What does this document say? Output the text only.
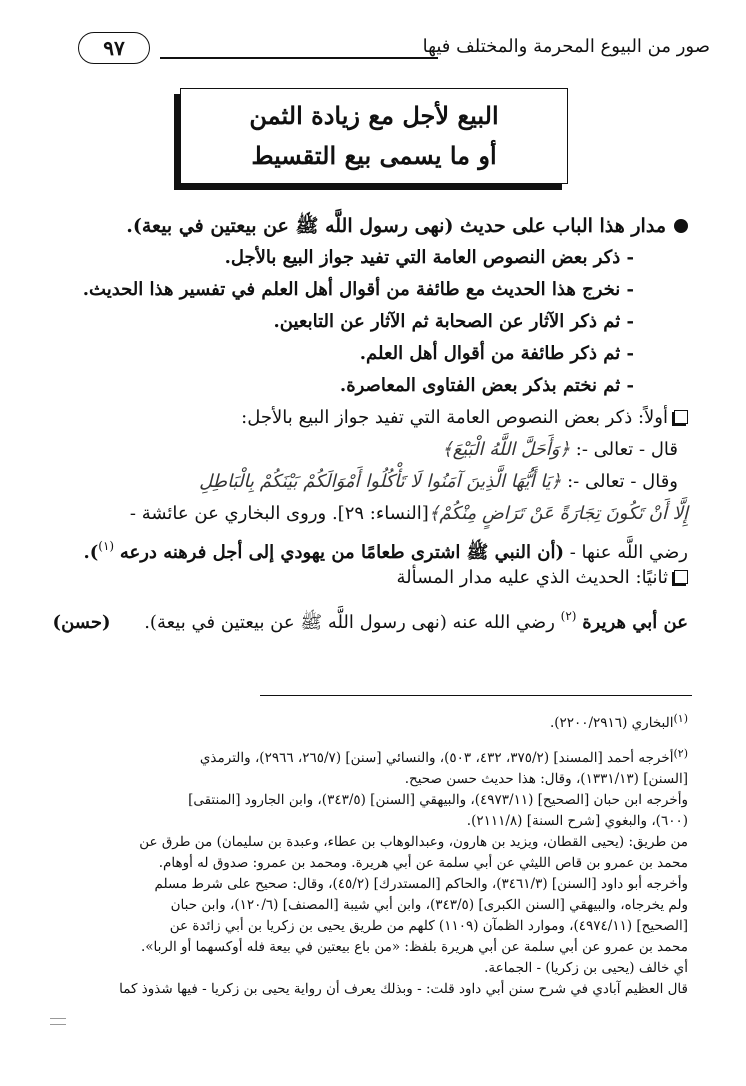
صور من البيوع المحرمة والمختلف فيها
٩٧
البيع لأجل مع زيادة الثمن
أو ما يسمى بيع التقسيط
مدار هذا الباب على حديث (نهى رسول اللَّه ﷺ عن بيعتين في بيعة).
- ذكر بعض النصوص العامة التي تفيد جواز البيع بالأجل.
- نخرج هذا الحديث مع طائفة من أقوال أهل العلم في تفسير هذا الحديث.
- ثم ذكر الآثار عن الصحابة ثم الآثار عن التابعين.
- ثم ذكر طائفة من أقوال أهل العلم.
- ثم نختم بذكر بعض الفتاوى المعاصرة.
أولاً: ذكر بعض النصوص العامة التي تفيد جواز البيع بالأجل:
قال - تعالى -: ﴿وَأَحَلَّ اللَّهُ الْبَيْعَ﴾
وقال - تعالى -: ﴿يَا أَيُّهَا الَّذِينَ آمَنُوا لَا تَأْكُلُوا أَمْوَالَكُمْ بَيْنَكُمْ بِالْبَاطِلِ
إِلَّا أَنْ تَكُونَ تِجَارَةً عَنْ تَرَاضٍ مِنْكُمْ﴾[النساء: ٢٩]. وروى البخاري عن عائشة -
رضي اللَّه عنها - (أن النبي ﷺ اشترى طعامًا من يهودي إلى أجل فرهنه درعه $^{(١)}$).
ثانيًا: الحديث الذي عليه مدار المسألة
عن أبي هريرة $^{(٢)}$ رضي الله عنه (نهى رسول اللَّه ﷺ عن بيعتين في بيعة). (حسن)
$^{(١)}$البخاري (٢٢٠٠/٢٩١٦).
$^{(٢)}$أخرجه أحمد [المسند] (٣٧٥/٢، ٤٣٢، ٥٠٣)، والنسائي [سنن] (٢٦٥/٧، ٢٩٦٦)، والترمذي
[السنن] (١٣٣١/١٣)، وقال: هذا حديث حسن صحيح.
وأخرجه ابن حبان [الصحيح] (٤٩٧٣/١١)، والبيهقي [السنن] (٣٤٣/٥)، وابن الجارود [المنتقى]
(٦٠٠)، والبغوي [شرح السنة] (٢١١١/٨).
من طريق: (يحيى القطان، ويزيد بن هارون، وعبدالوهاب بن عطاء، وعبدة بن سليمان) من طرق عن
محمد بن عمرو بن قاص الليثي عن أبي سلمة عن أبي هريرة. ومحمد بن عمرو: صدوق له أوهام.
وأخرجه أبو داود [السنن] (٣٤٦١/٣)، والحاكم [المستدرك] (٤٥/٢)، وقال: صحيح على شرط مسلم
ولم يخرجاه، والبيهقي [السنن الكبرى] (٣٤٣/٥)، وابن أبي شيبة [المصنف] (١٢٠/٦)، وابن حبان
[الصحيح] (٤٩٧٤/١١)، وموارد الظمآن (١١٠٩) كلهم من طريق يحيى بن زكريا بن أبي زائدة عن
محمد بن عمرو عن أبي سلمة عن أبي هريرة بلفظ: «من باع بيعتين في بيعة فله أوكسهما أو الربا».
أي خالف (يحيى بن زكريا) - الجماعة.
قال العظيم آبادي في شرح سنن أبي داود قلت: - وبذلك يعرف أن رواية يحيى بن زكريا - فيها شذوذ كما
